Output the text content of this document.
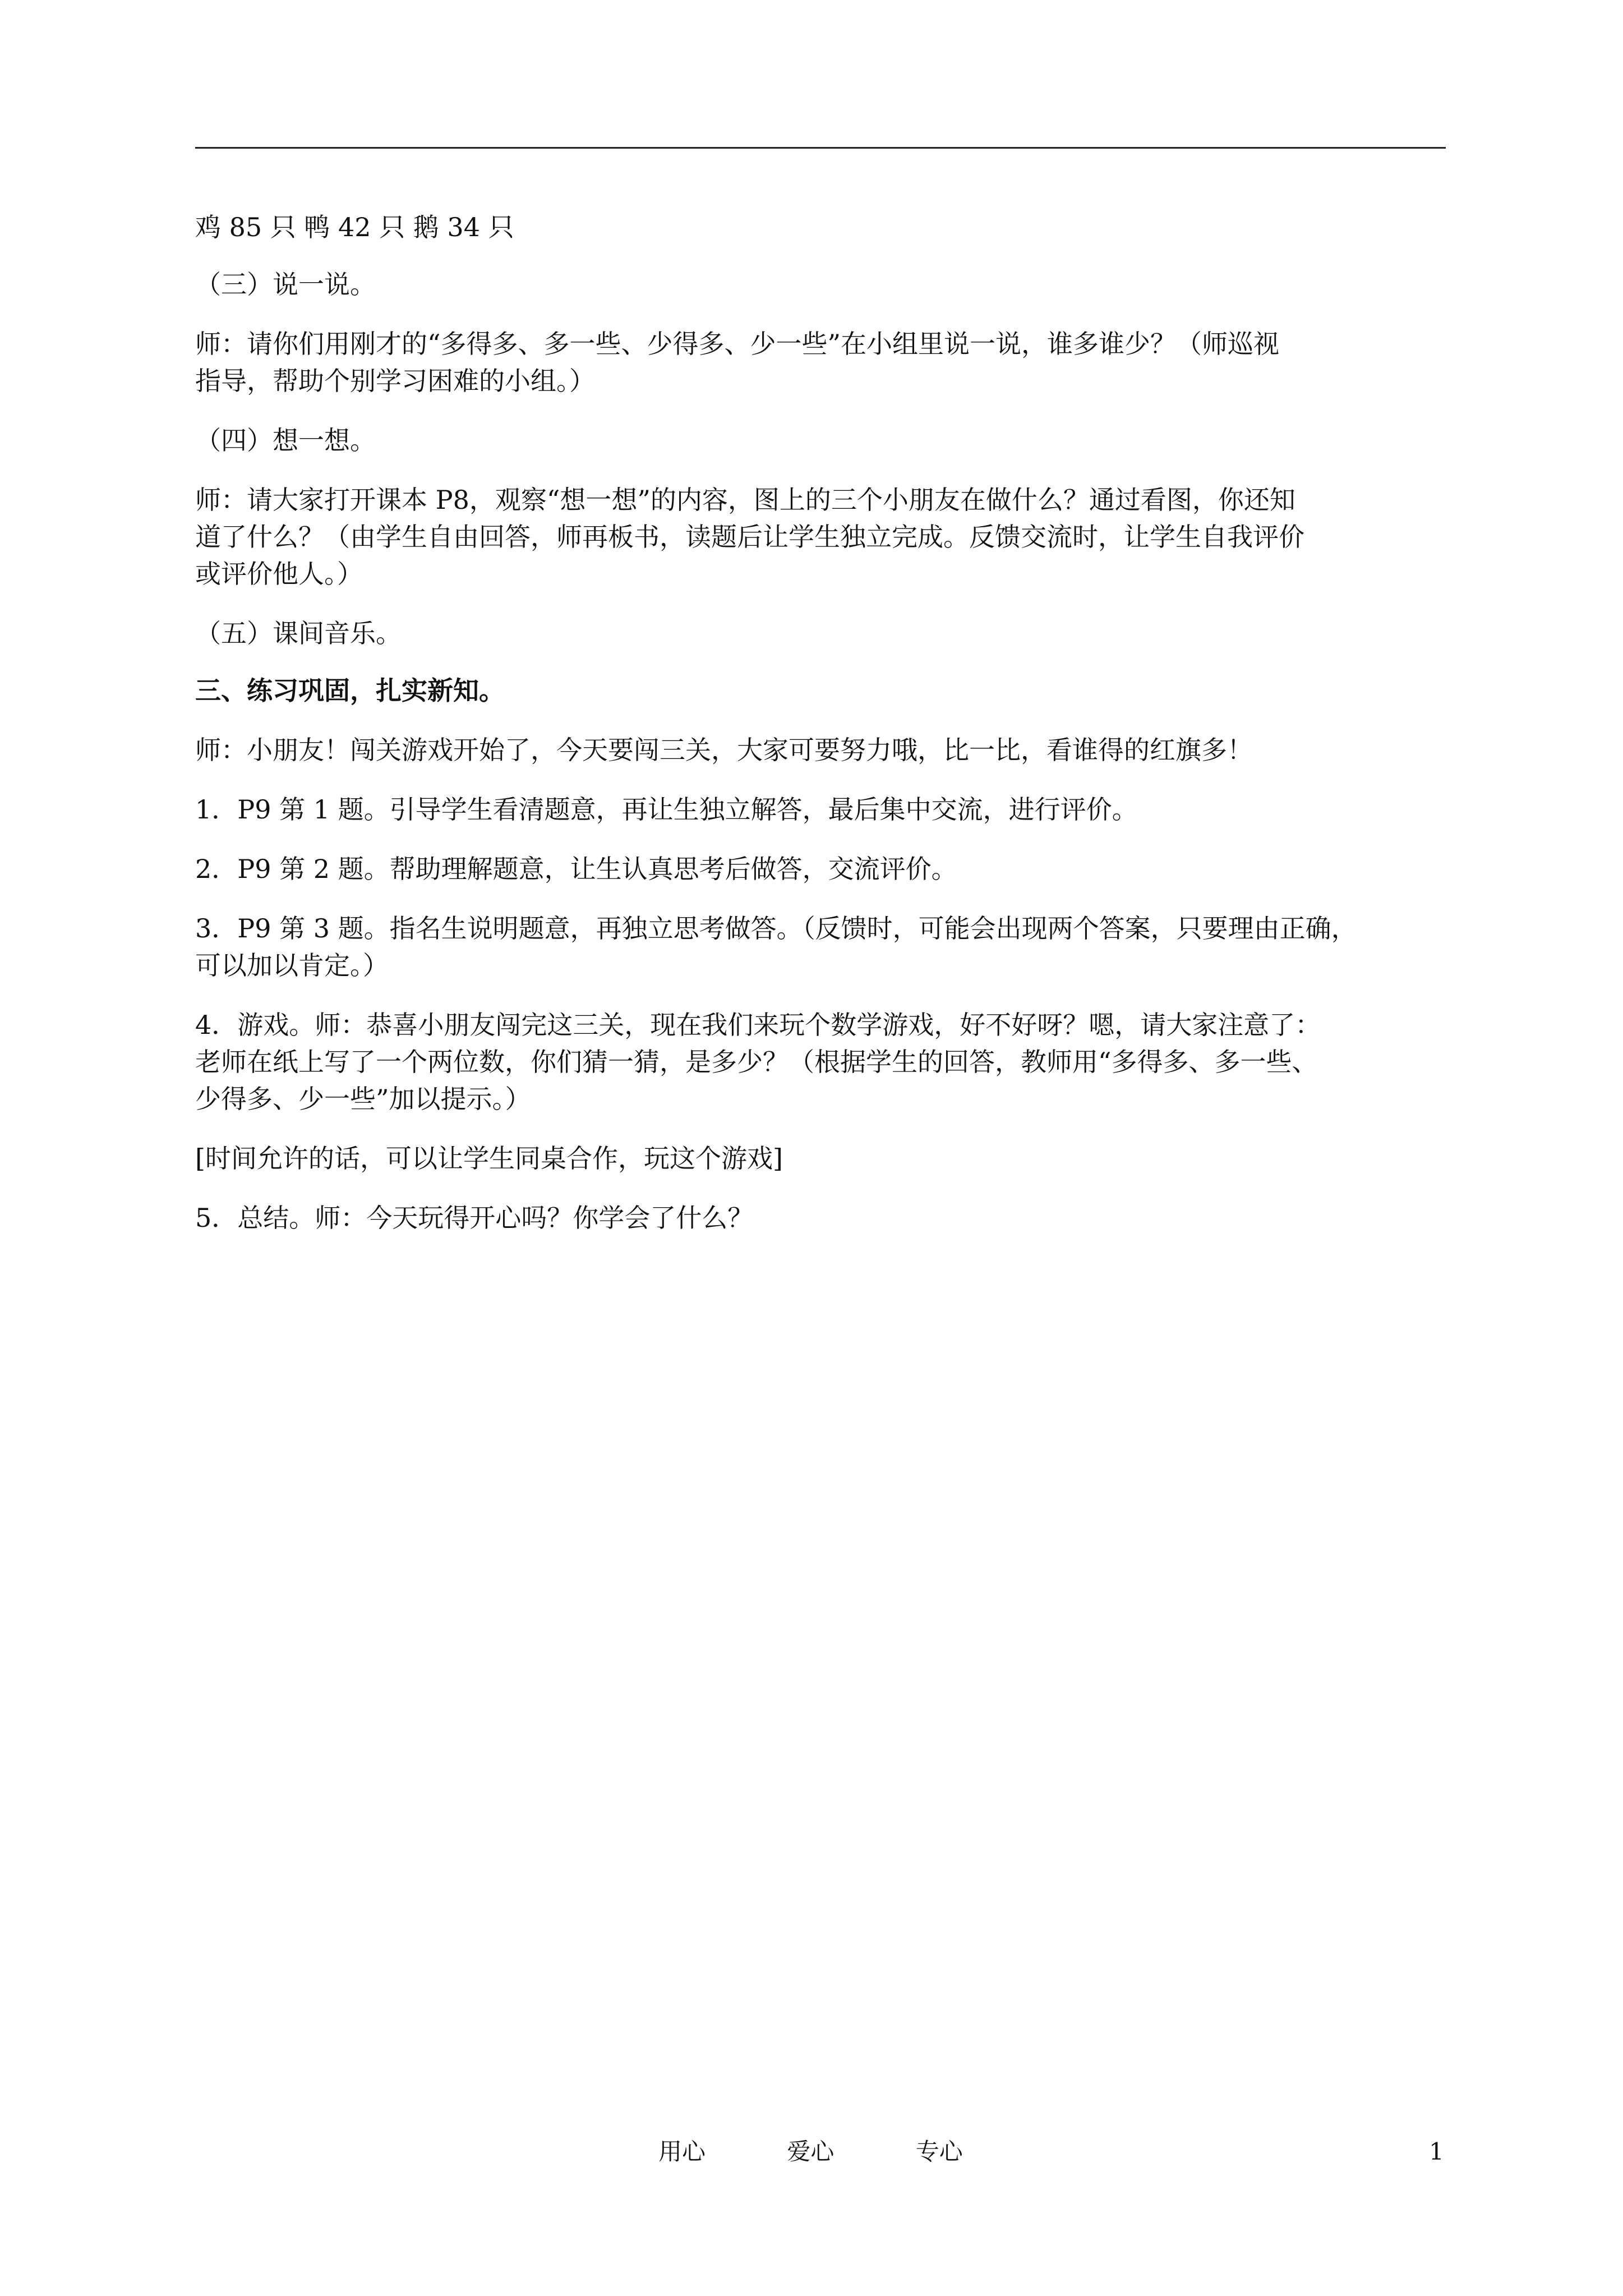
鸡 85 只 鸭 42 只 鹅 34 只
（三）说一说。
师：请你们用刚才的“多得多、多一些、少得多、少一些”在小组里说一说，谁多谁少？（师巡视
指导，帮助个别学习困难的小组。）
（四）想一想。
师：请大家打开课本 P8，观察“想一想”的内容，图上的三个小朋友在做什么？通过看图，你还知
道了什么？（由学生自由回答，师再板书，读题后让学生独立完成。反馈交流时，让学生自我评价
或评价他人。）
（五）课间音乐。
三、练习巩固，扎实新知。
师：小朋友！闯关游戏开始了，今天要闯三关，大家可要努力哦，比一比，看谁得的红旗多！
1．P9 第 1 题。引导学生看清题意，再让生独立解答，最后集中交流，进行评价。
2．P9 第 2 题。帮助理解题意，让生认真思考后做答，交流评价。
3．P9 第 3 题。指名生说明题意，再独立思考做答。（反馈时，可能会出现两个答案，只要理由正确，
可以加以肯定。）
4．游戏。师：恭喜小朋友闯完这三关，现在我们来玩个数学游戏，好不好呀？嗯，请大家注意了：
老师在纸上写了一个两位数，你们猜一猜，是多少？（根据学生的回答，教师用“多得多、多一些、
少得多、少一些”加以提示。）
[时间允许的话，可以让学生同桌合作，玩这个游戏]
5．总结。师：今天玩得开心吗？你学会了什么？
用心	爱心	专心	1
